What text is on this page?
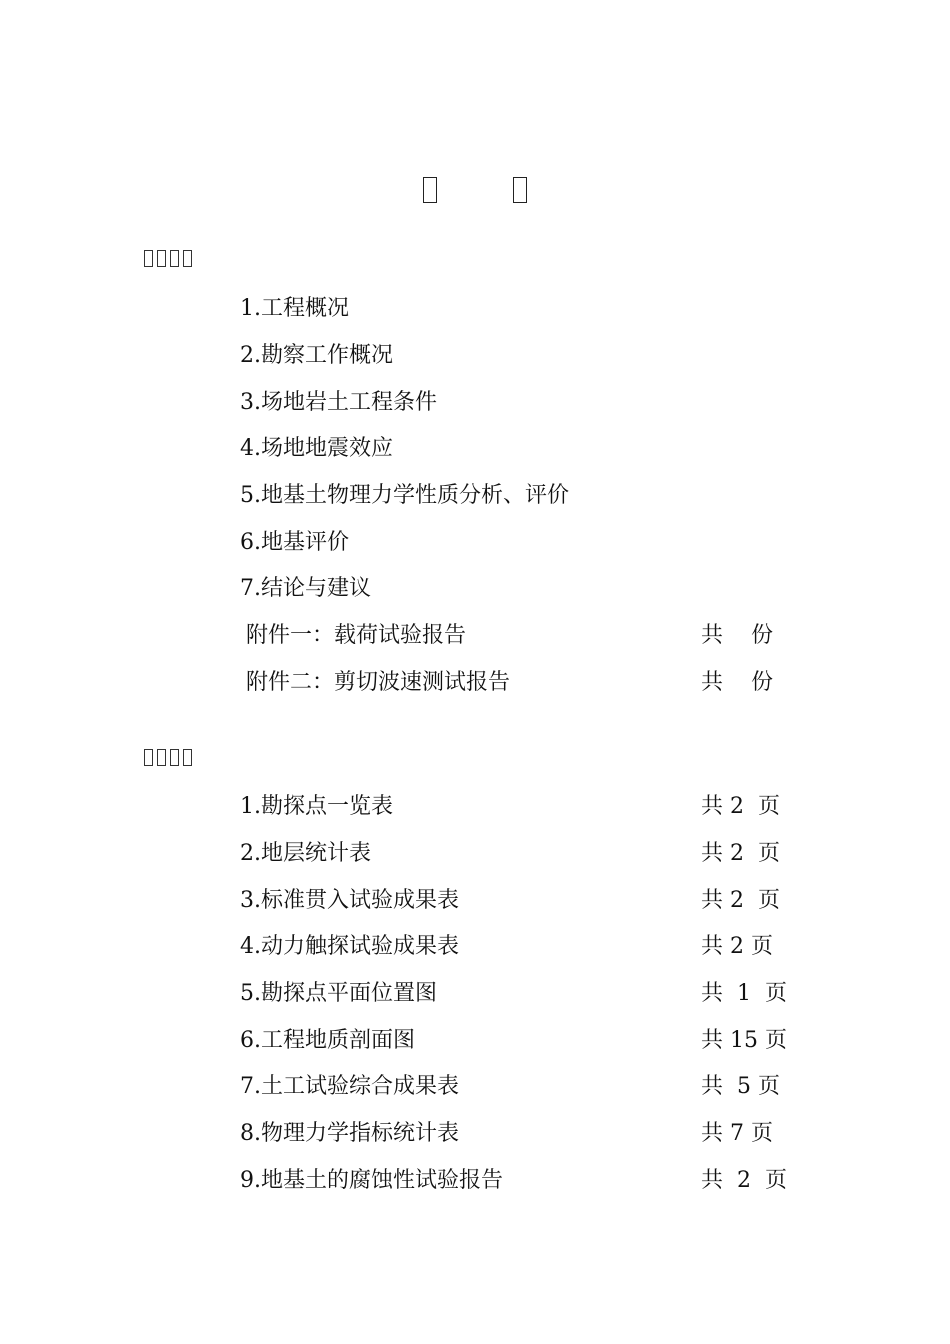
1.工程概况
2.勘察工作概况
3.场地岩土工程条件
4.场地地震效应
5.地基土物理力学性质分析、评价
6.地基评价
7.结论与建议
附件一：载荷试验报告	共    份
附件二：剪切波速测试报告	共    份
1.勘探点一览表	共 2  页
2.地层统计表	共 2  页
3.标准贯入试验成果表	共 2  页
4.动力触探试验成果表	共 2 页
5.勘探点平面位置图	共  1  页
6.工程地质剖面图	共 15 页
7.土工试验综合成果表	共  5 页
8.物理力学指标统计表	共 7 页
9.地基土的腐蚀性试验报告	共  2  页
